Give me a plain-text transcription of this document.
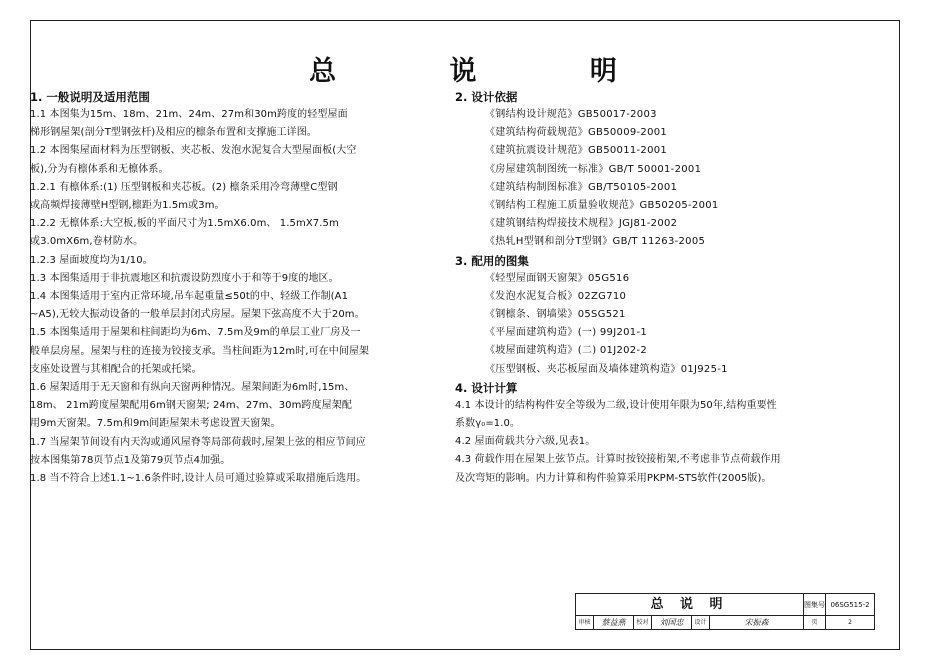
总	说	明

1. 一般说明及适用范围

1.1 本图集为15m、18m、21m、24m、27m和30m跨度的轻型屋面

梯形钢屋架(剖分T型钢弦杆)及相应的檩条布置和支撑施工详图。

1.2 本图集屋面材料为压型钢板、夹芯板、发泡水泥复合大型屋面板(大空

板),分为有檩体系和无檩体系。

1.2.1 有檩体系:(1) 压型钢板和夹芯板。(2) 檩条采用冷弯薄壁C型钢

或高频焊接薄壁H型钢,檩距为1.5m或3m。

1.2.2 无檩体系:大空板,板的平面尺寸为1.5mX6.0m、 1.5mX7.5m

或3.0mX6m,卷材防水。

1.2.3 屋面坡度均为1/10。

1.3 本图集适用于非抗震地区和抗震设防烈度小于和等于9度的地区。

1.4 本图集适用于室内正常环境,吊车起重量≤50t的中、轻级工作制(A1

~A5),无较大振动设备的一般单层封闭式房屋。屋架下弦高度不大于20m。

1.5 本图集适用于屋架和柱间距均为6m、7.5m及9m的单层工业厂房及一

般单层房屋。屋架与柱的连接为铰接支承。当柱间距为12m时,可在中间屋架

支座处设置与其相配合的托架或托梁。

1.6 屋架适用于无天窗和有纵向天窗两种情况。屋架间距为6m时,15m、

18m、 21m跨度屋架配用6m钢天窗架; 24m、27m、30m跨度屋架配

用9m天窗架。7.5m和9m间距屋架未考虑设置天窗架。

1.7 当屋架节间设有内天沟或通风屋脊等局部荷载时,屋架上弦的相应节间应

按本图集第78页节点1及第79页节点4加强。

1.8 当不符合上述1.1~1.6条件时,设计人员可通过验算或采取措施后选用。

2. 设计依据

《钢结构设计规范》GB50017-2003

《建筑结构荷载规范》GB50009-2001

《建筑抗震设计规范》GB50011-2001

《房屋建筑制图统一标准》GB/T 50001-2001

《建筑结构制图标准》GB/T50105-2001

《钢结构工程施工质量验收规范》GB50205-2001

《建筑钢结构焊接技术规程》JGJ81-2002

《热轧H型钢和剖分T型钢》GB/T 11263-2005

3. 配用的图集

《轻型屋面钢天窗架》05G516

《发泡水泥复合板》02ZG710

《钢檩条、钢墙梁》05SG521

《平屋面建筑构造》(一) 99J201-1

《坡屋面建筑构造》(二) 01J202-2

《压型钢板、夹芯板屋面及墙体建筑构造》01J925-1

4. 设计计算

4.1 本设计的结构构件安全等级为二级,设计使用年限为50年,结构重要性

系数γ₀=1.0。

4.2 屋面荷载共分六级,见表1。

4.3 荷载作用在屋架上弦节点。计算时按铰接桁架,不考虑非节点荷载作用

及次弯矩的影响。内力计算和构件验算采用PKPM-STS软件(2005版)。

总 说 明	图集号 06SG515-2
审核	蔡益燕	校对	刘国忠	设计	宋振森	页	2
